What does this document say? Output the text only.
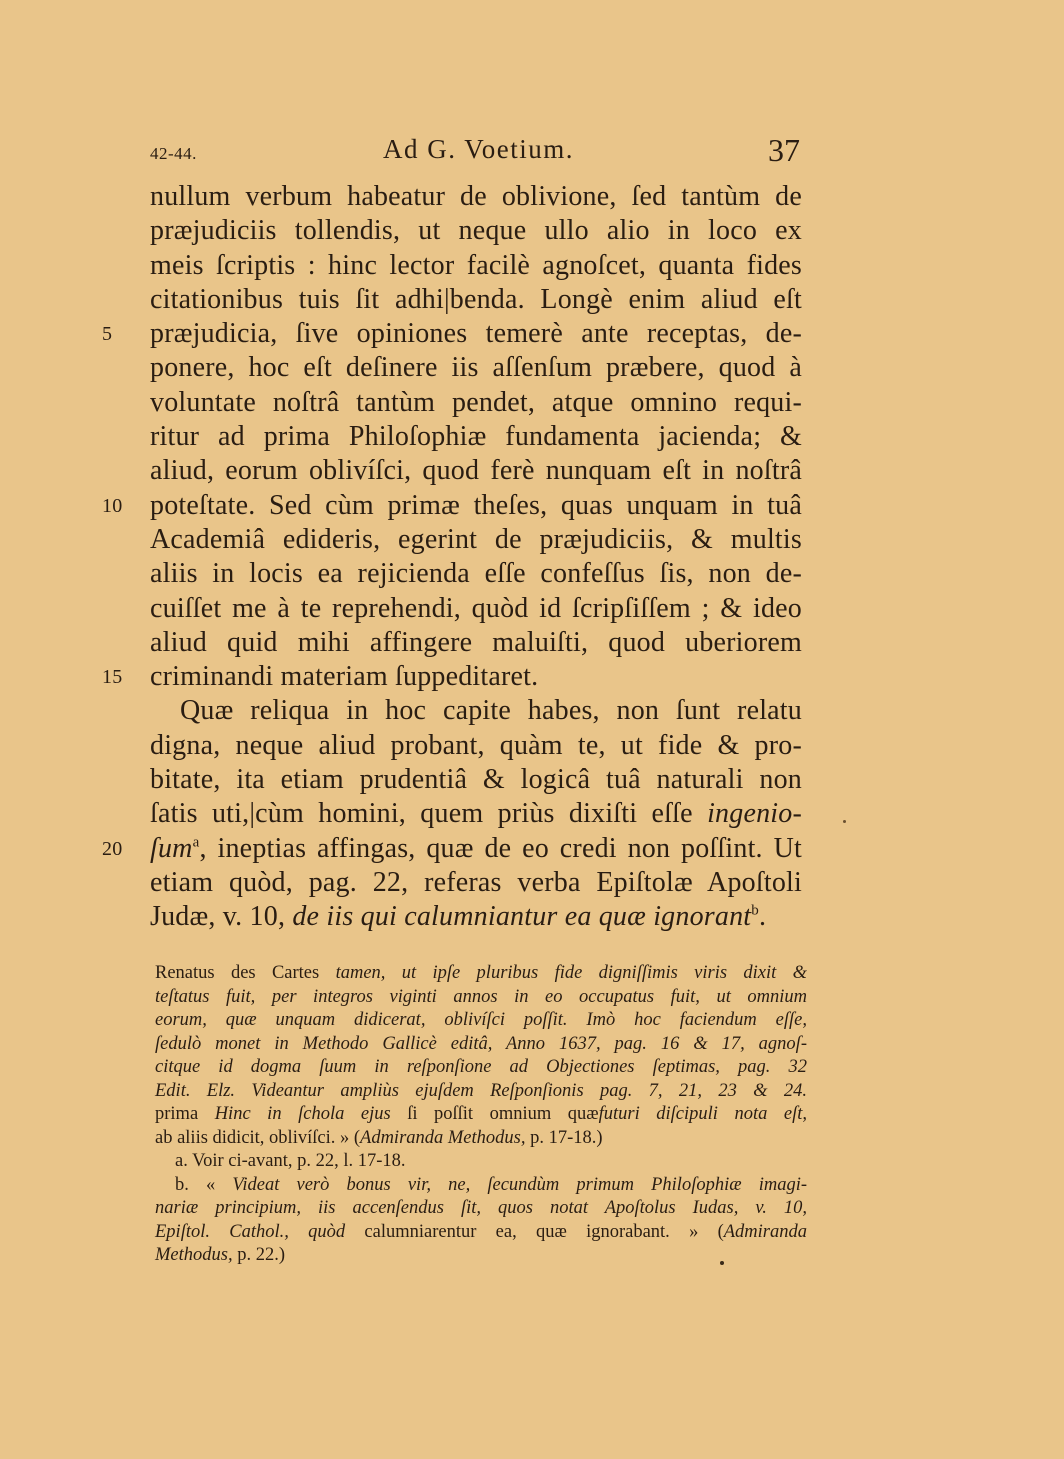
42-44.	Ad G. Voetium.	37
nullum verbum habeatur de oblivione, ſed tantùm de
præjudiciis tollendis, ut neque ullo alio in loco ex
meis ſcriptis : hinc lector facilè agnoſcet, quanta fides
citationibus tuis ſit adhi|benda. Longè enim aliud eſt
5	præjudicia, ſive opiniones temerè ante receptas, de-
ponere, hoc eſt deſinere iis aſſenſum præbere, quod à
voluntate noſtrâ tantùm pendet, atque omnino requi-
ritur ad prima Philoſophiæ fundamenta jacienda; &
aliud, eorum oblivíſci, quod ferè nunquam eſt in noſtrâ
10 poteſtate. Sed cùm primæ theſes, quas unquam in tuâ
Academiâ edideris, egerint de præjudiciis, & multis
aliis in locis ea rejicienda eſſe confeſſus ſis, non de-
cuiſſet me à te reprehendi, quòd id ſcripſiſſem ; & ideo
aliud quid mihi affingere maluiſti, quod uberiorem
15 criminandi materiam ſuppeditaret.
Quæ reliqua in hoc capite habes, non ſunt relatu
digna, neque aliud probant, quàm te, ut fide & pro-
bitate, ita etiam prudentiâ & logicâ tuâ naturali non
ſatis uti,|cùm homini, quem priùs dixiſti eſſe ingenio-
20 ſum$^a$, ineptias affingas, quæ de eo credi non poſſint. Ut
etiam quòd, pag. 22, referas verba Epiſtolæ Apoſtoli
Judæ, v. 10, de iis qui calumniantur ea quæ ignorant$^b$.
Renatus des Cartes tamen, ut ipſe pluribus fide digniſſimis viris dixit &
teſtatus fuit, per integros viginti annos in eo occupatus fuit, ut omnium
eorum, quæ unquam didicerat, oblivíſci poſſit. Imò hoc faciendum eſſe,
ſedulò monet in Methodo Gallicè editâ, Anno 1637, pag. 16 & 17, agnoſ-
citque id dogma ſuum in reſponſione ad Objectiones ſeptimas, pag. 32
Edit. Elz. Videantur ampliùs ejuſdem Reſponſionis pag. 7, 21, 23 & 24.
prima Hinc in ſchola ejus ſi poſſit omnium quæfuturi diſcipuli nota eſt,
ab aliis didicit, oblivíſci. » (Admiranda Methodus, p. 17-18.)
a. Voir ci-avant, p. 22, l. 17-18.
b. « Videat verò bonus vir, ne, ſecundùm primum Philoſophiæ imagi-
nariæ principium, iis accenſendus ſit, quos notat Apoſtolus Iudas, v. 10,
Epiſtol. Cathol., quòd calumniarentur ea, quæ ignorabant. » (Admiranda
Methodus, p. 22.)
